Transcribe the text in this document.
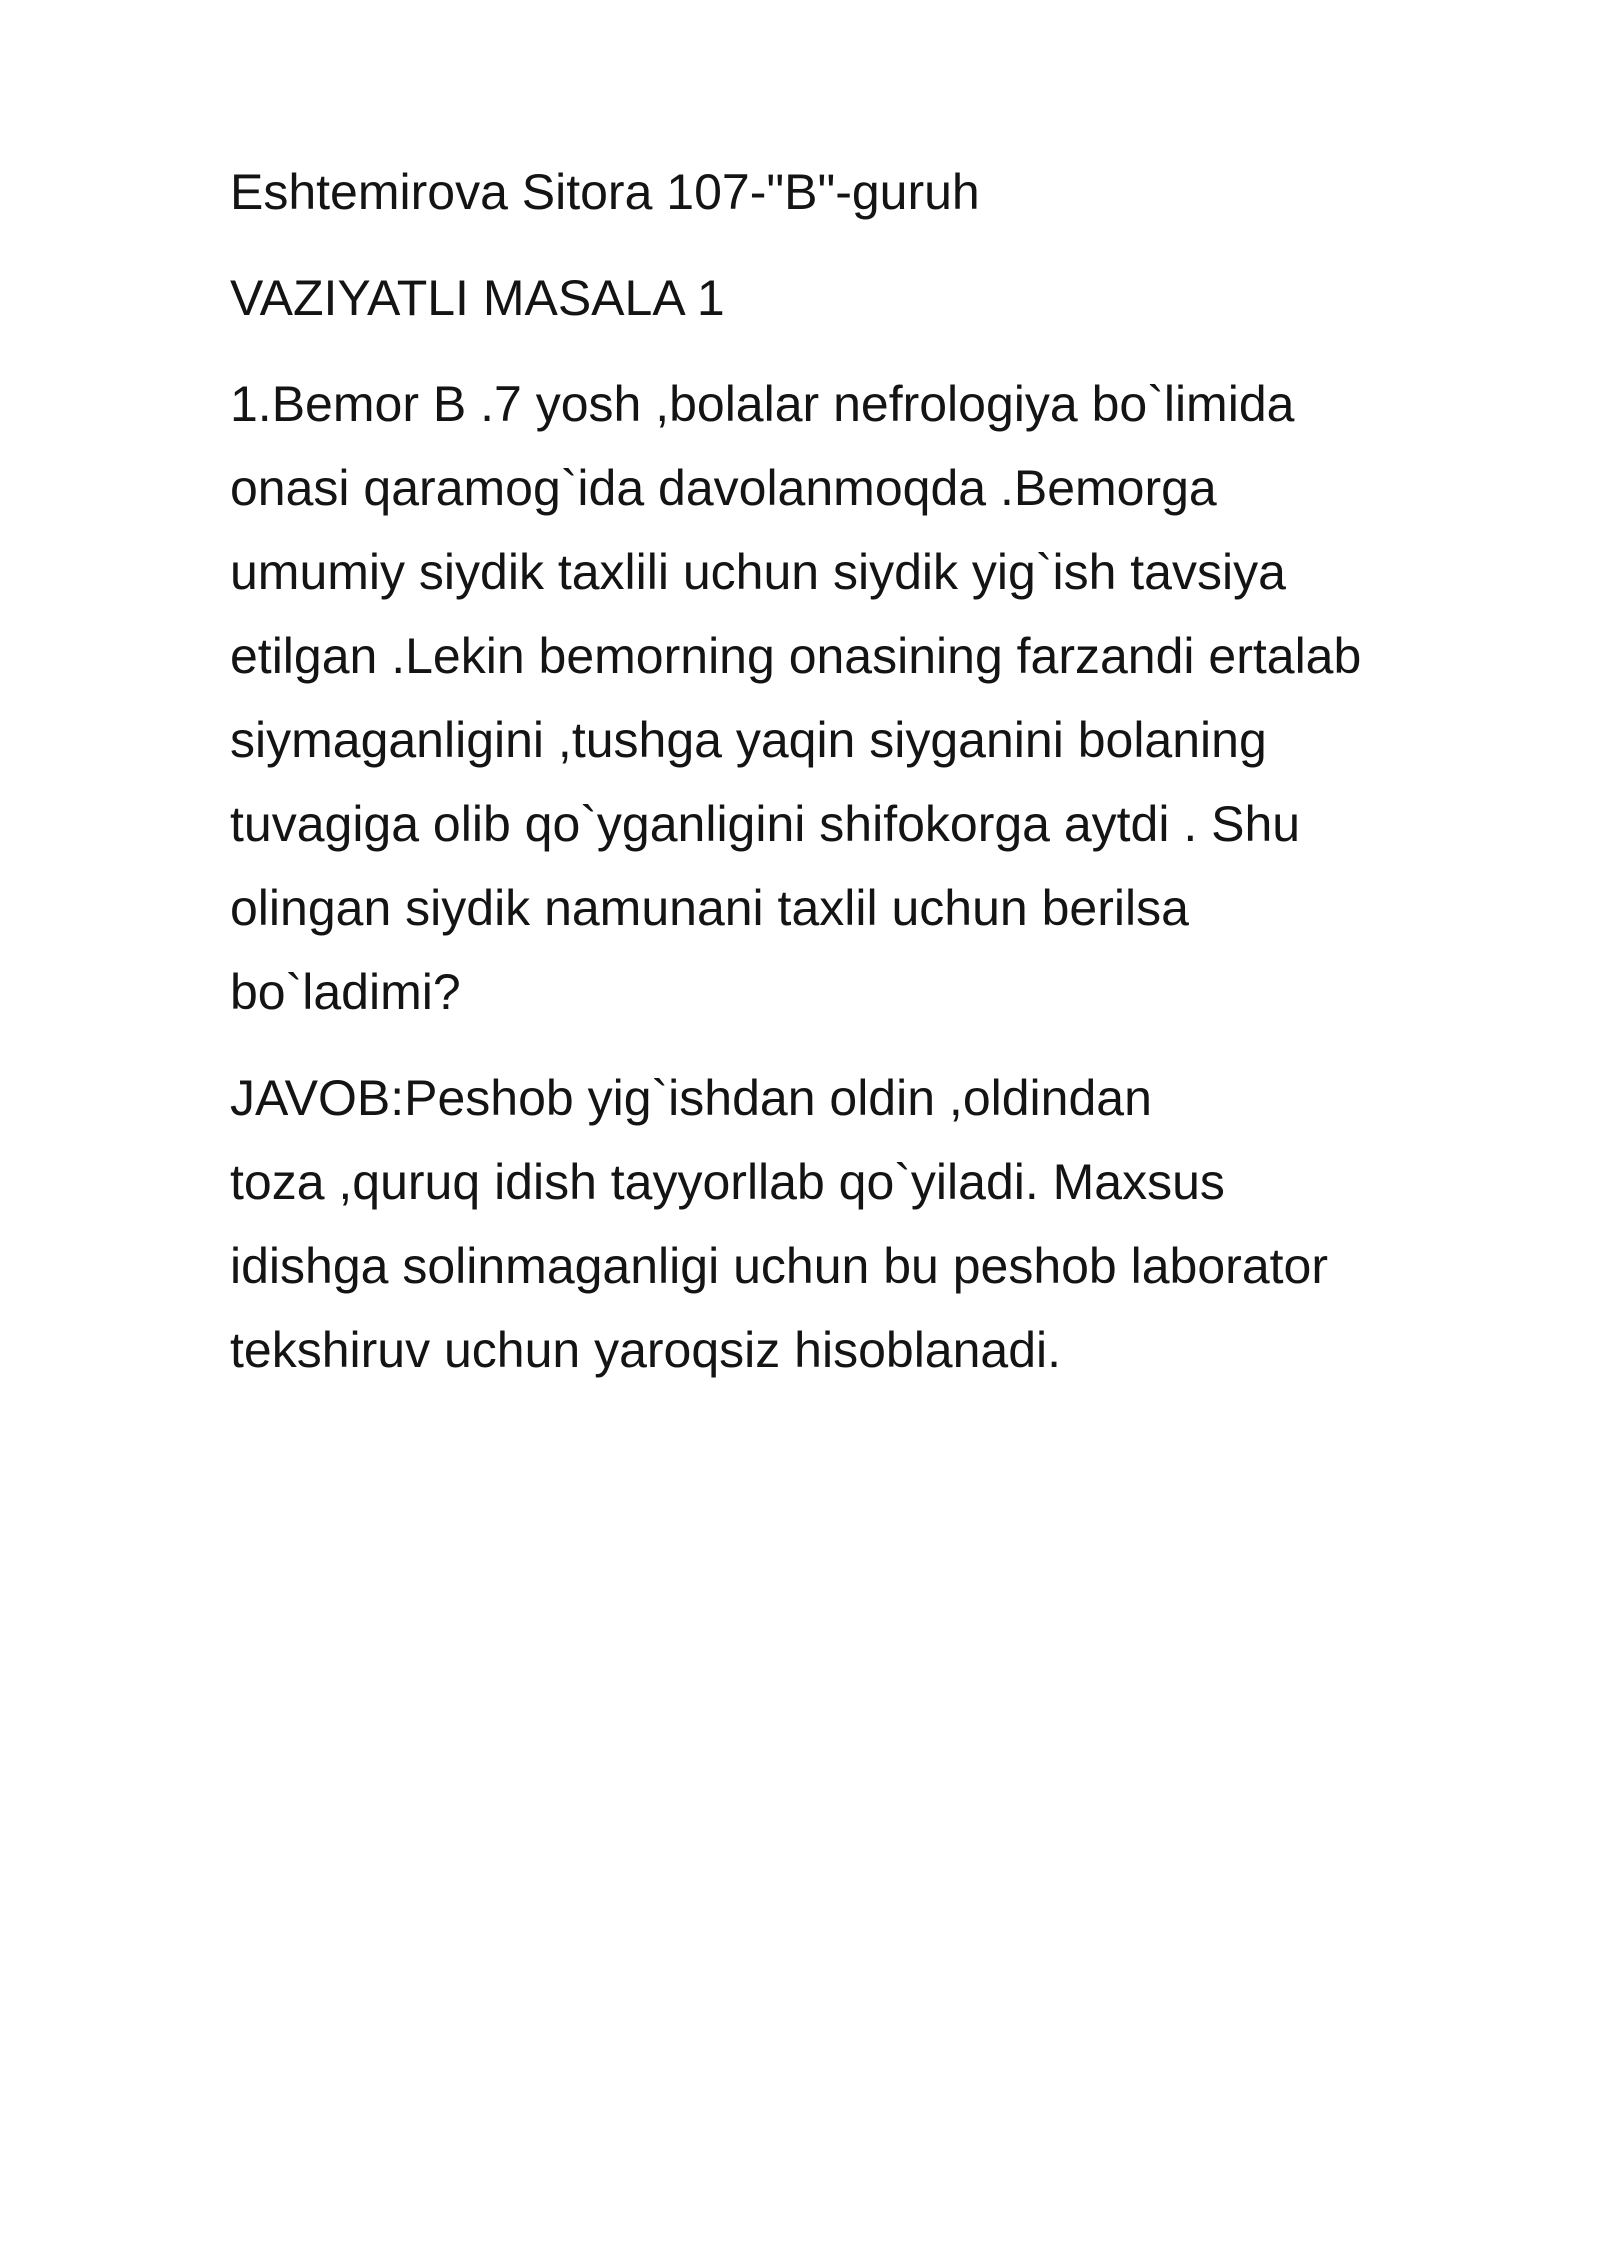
Eshtemirova Sitora 107-"B"-guruh

VAZIYATLI MASALA 1

1.Bemor B .7 yosh ,bolalar nefrologiya bo`limida

onasi qaramog`ida davolanmoqda .Bemorga

umumiy siydik taxlili uchun siydik yig`ish tavsiya

etilgan .Lekin bemorning onasining farzandi ertalab

siymaganligini ,tushga yaqin siyganini bolaning

tuvagiga olib qo`yganligini shifokorga aytdi . Shu

olingan siydik namunani taxlil uchun berilsa

bo`ladimi?

JAVOB:Peshob yig`ishdan oldin ,oldindan

toza ,quruq idish tayyorllab qo`yiladi. Maxsus

idishga solinmaganligi uchun bu peshob laborator

tekshiruv uchun yaroqsiz hisoblanadi.
